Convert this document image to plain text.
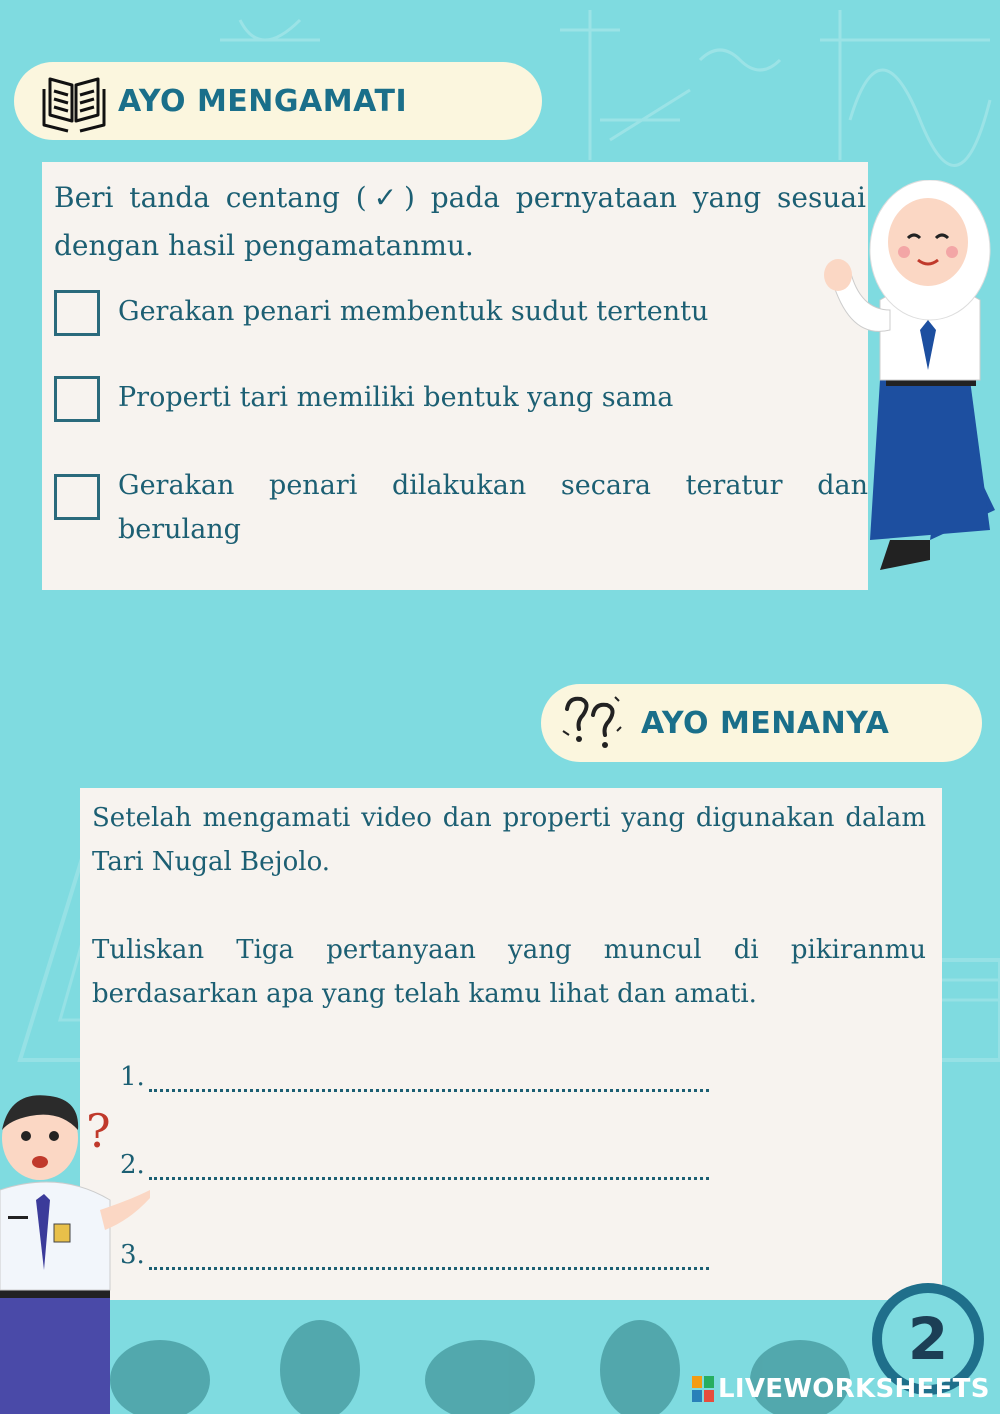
AYO MENGAMATI
Beri tanda centang (✓) pada pernyataan yang sesuai dengan hasil pengamatanmu.
Gerakan penari membentuk sudut tertentu
Properti tari memiliki bentuk yang sama
Gerakan penari dilakukan secara teratur dan berulang
AYO MENANYA
Setelah mengamati video dan properti yang digunakan dalam Tari Nugal Bejolo.
Tuliskan Tiga pertanyaan yang muncul di pikiranmu berdasarkan apa yang telah kamu lihat dan amati.
1.
2.
3.
?
2
LIVEWORKSHEETS
